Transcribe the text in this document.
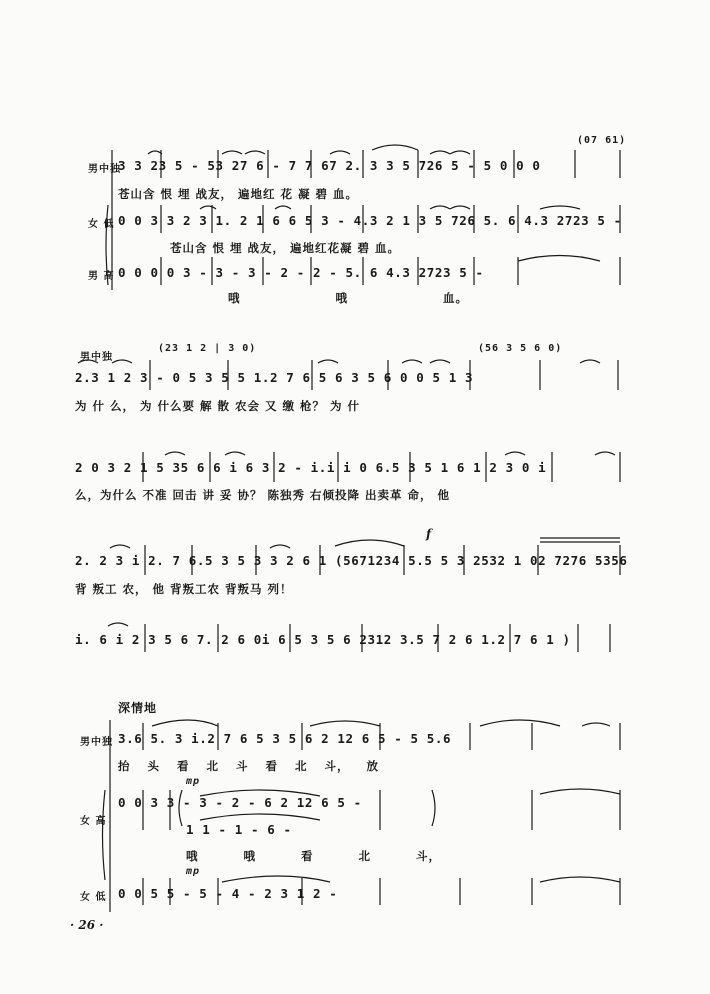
(07 61)
男中独
3 3 23 5 - 53 27 6 - 7 7 67 2. 3 3 5 726 5 - 5 0 0 0
苍山含 恨 埋 战友， 遍地红 花 凝 碧 血。
女 低 0 0 3 3 2 3 1. 2 1 6 6 5 3 - 4.3 2 1 3 5 726 5. 6 4.3 2723 5 -
苍山含 恨 埋 战友， 遍地红花凝 碧 血。
男 高 0 0 0 0 3 - 3 - 3 - 2 - 2 - 5. 6 4.3 2723 5 -
哦 哦 血。
男中独
(23 1 2 | 3 0)	(56 3 5 6 0)
2.3 1 2 3 - 0 5 3 5 5 1.2 7 6 5 6 3 5 6 0 0 5 1 3
为 什 么， 为 什么要 解 散 农会 又 缴 枪？ 为 什
2 0 3 2 1 5 35 6 6 i 6 3 2 - i.i i 0 6.5 3 5 1 6 1 2 3 0 i
么，为什么 不准 回击 讲 妥 协？ 陈独秀 右倾投降 出卖革 命， 他
f
2. 2 3 i 2. 7 6.5 3 5 3 3 2 6 1 (5671234 5.5 5 3 2532 1 02 7276 5356
背 叛工 农， 他 背叛工农 背叛马 列！
i. 6 i 2 3 5 6 7. 2 6 0i 6 5 3 5 6 2312 3.5 7 2 6 1.2 7 6 1 )
深情地
男中独 3.6 5. 3 i.2 7 6 5 3 5 6 2 12 6 5 - 5 5.6
抬 头 看 北 斗 看 北 斗， 放
mp
女 高
0 0 3 3 - 3 - 2 - 6 2 12 6 5 -
1 1 - 1 - 6 -
哦 哦 看 北 斗，
mp
女 低 0 0 5 5 - 5 - 4 - 2 3 1 2 -
· 26 ·
